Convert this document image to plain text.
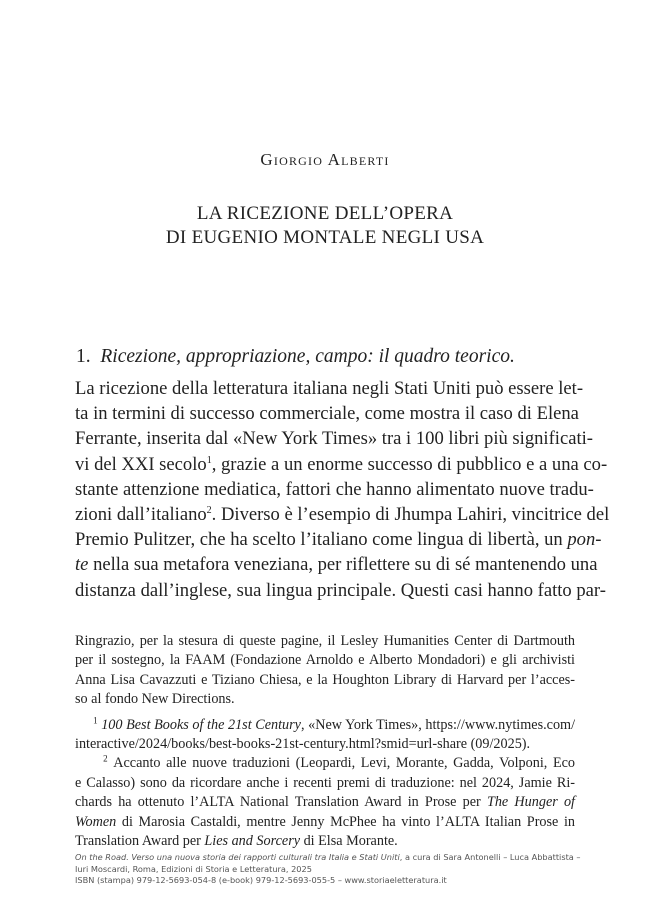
Giorgio Alberti
LA RICEZIONE DELL’OPERA
DI EUGENIO MONTALE NEGLI USA
1. Ricezione, appropriazione, campo: il quadro teorico.
La ricezione della letteratura italiana negli Stati Uniti può essere let-
ta in termini di successo commerciale, come mostra il caso di Elena
Ferrante, inserita dal «New York Times» tra i 100 libri più significati-
vi del XXI secolo$^1$, grazie a un enorme successo di pubblico e a una co-
stante attenzione mediatica, fattori che hanno alimentato nuove tradu-
zioni dall’italiano$^2$. Diverso è l’esempio di Jhumpa Lahiri, vincitrice del
Premio Pulitzer, che ha scelto l’italiano come lingua di libertà, un pon-
te nella sua metafora veneziana, per riflettere su di sé mantenendo una
distanza dall’inglese, sua lingua principale. Questi casi hanno fatto par-
Ringrazio, per la stesura di queste pagine, il Lesley Humanities Center di Dartmouth
per il sostegno, la FAAM (Fondazione Arnoldo e Alberto Mondadori) e gli archivisti
Anna Lisa Cavazzuti e Tiziano Chiesa, e la Houghton Library di Harvard per l’acces-
so al fondo New Directions.
$^1$ 100 Best Books of the 21st Century, «New York Times», https://www.nytimes.com/
interactive/2024/books/best-books-21st-century.html?smid=url-share (09/2025).
$^2$ Accanto alle nuove traduzioni (Leopardi, Levi, Morante, Gadda, Volponi, Eco
e Calasso) sono da ricordare anche i recenti premi di traduzione: nel 2024, Jamie Ri-
chards ha ottenuto l’ALTA National Translation Award in Prose per The Hunger of
Women di Marosia Castaldi, mentre Jenny McPhee ha vinto l’ALTA Italian Prose in
Translation Award per Lies and Sorcery di Elsa Morante.
On the Road. Verso una nuova storia dei rapporti culturali tra Italia e Stati Uniti, a cura di Sara Antonelli – Luca Abbattista –
Iuri Moscardi, Roma, Edizioni di Storia e Letteratura, 2025
ISBN (stampa) 979-12-5693-054-8 (e-book) 979-12-5693-055-5 – www.storiaeletteratura.it
